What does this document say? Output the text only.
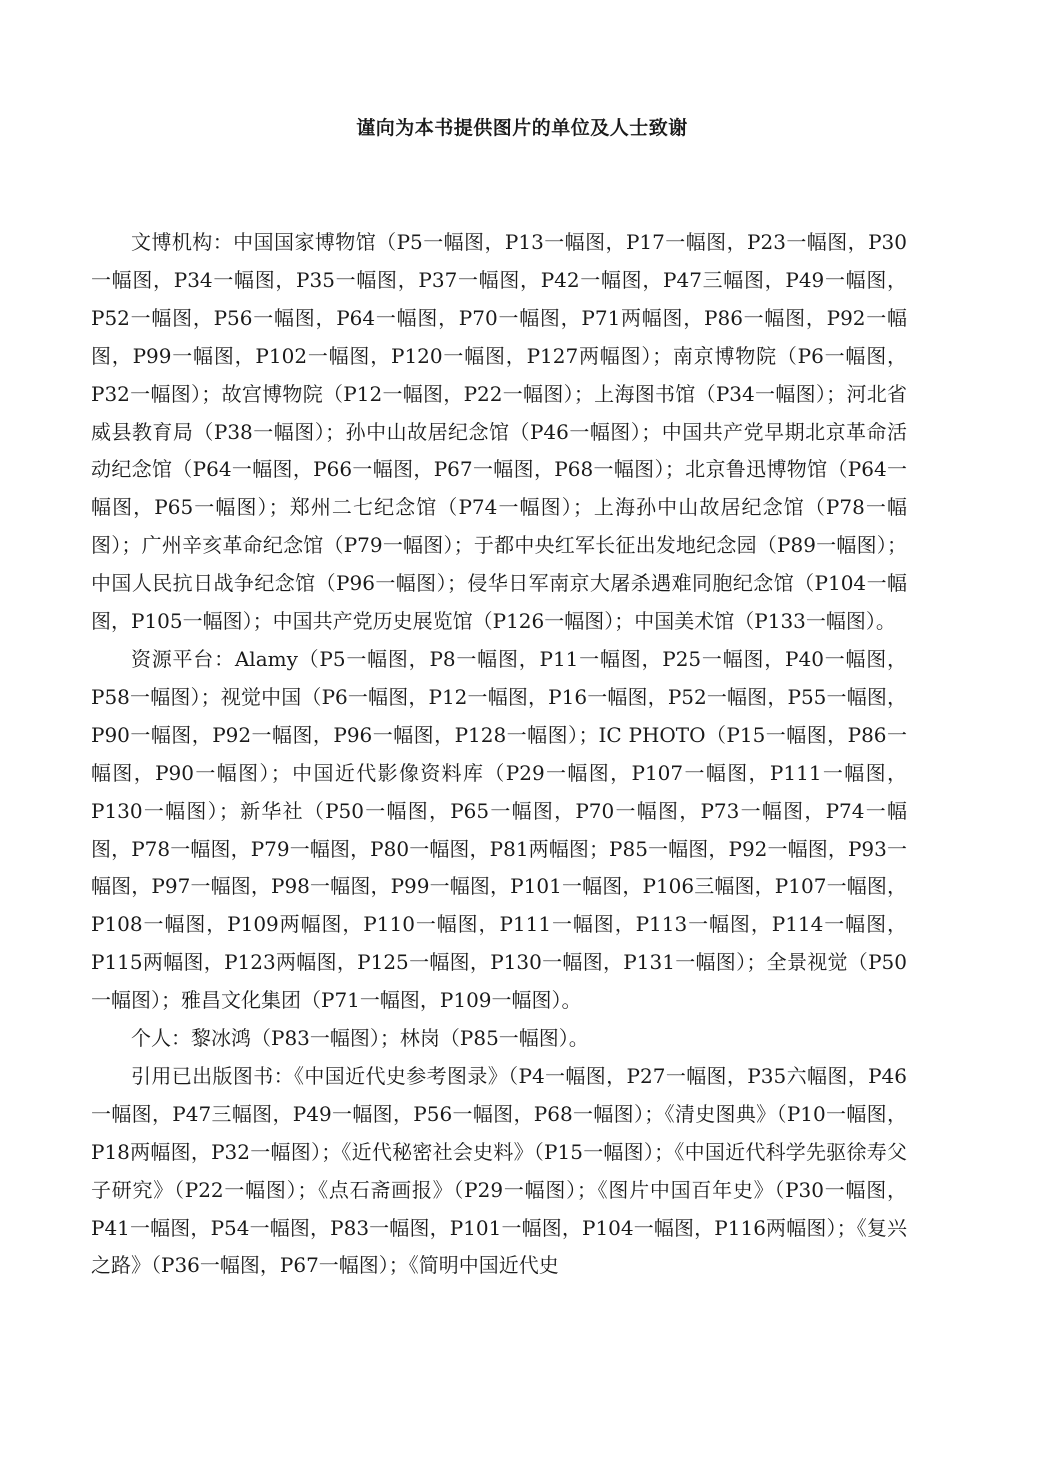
谨向为本书提供图片的单位及人士致谢

文博机构：中国国家博物馆（P5一幅图，P13一幅图，P17一幅图，P23一幅图，P30一幅图，P34一幅图，P35一幅图，P37一幅图，P42一幅图，P47三幅图，P49一幅图，P52一幅图，P56一幅图，P64一幅图，P70一幅图，P71两幅图，P86一幅图，P92一幅图，P99一幅图，P102一幅图，P120一幅图，P127两幅图）；南京博物院（P6一幅图，P32一幅图）；故宫博物院（P12一幅图，P22一幅图）；上海图书馆（P34一幅图）；河北省威县教育局（P38一幅图）；孙中山故居纪念馆（P46一幅图）；中国共产党早期北京革命活动纪念馆（P64一幅图，P66一幅图，P67一幅图，P68一幅图）；北京鲁迅博物馆（P64一幅图，P65一幅图）；郑州二七纪念馆（P74一幅图）；上海孙中山故居纪念馆（P78一幅图）；广州辛亥革命纪念馆（P79一幅图）；于都中央红军长征出发地纪念园（P89一幅图）；中国人民抗日战争纪念馆（P96一幅图）；侵华日军南京大屠杀遇难同胞纪念馆（P104一幅图，P105一幅图）；中国共产党历史展览馆（P126一幅图）；中国美术馆（P133一幅图）。

资源平台：Alamy（P5一幅图，P8一幅图，P11一幅图，P25一幅图，P40一幅图，P58一幅图）；视觉中国（P6一幅图，P12一幅图，P16一幅图，P52一幅图，P55一幅图，P90一幅图，P92一幅图，P96一幅图，P128一幅图）；IC PHOTO（P15一幅图，P86一幅图，P90一幅图）；中国近代影像资料库（P29一幅图，P107一幅图，P111一幅图，P130一幅图）；新华社（P50一幅图，P65一幅图，P70一幅图，P73一幅图，P74一幅图，P78一幅图，P79一幅图，P80一幅图，P81两幅图；P85一幅图，P92一幅图，P93一幅图，P97一幅图，P98一幅图，P99一幅图，P101一幅图，P106三幅图，P107一幅图，P108一幅图，P109两幅图，P110一幅图，P111一幅图，P113一幅图，P114一幅图，P115两幅图，P123两幅图，P125一幅图，P130一幅图，P131一幅图）；全景视觉（P50一幅图）；雅昌文化集团（P71一幅图，P109一幅图）。

个人：黎冰鸿（P83一幅图）；林岗（P85一幅图）。

引用已出版图书：《中国近代史参考图录》（P4一幅图，P27一幅图，P35六幅图，P46一幅图，P47三幅图，P49一幅图，P56一幅图，P68一幅图）；《清史图典》（P10一幅图，P18两幅图，P32一幅图）；《近代秘密社会史料》（P15一幅图）；《中国近代科学先驱徐寿父子研究》（P22一幅图）；《点石斋画报》（P29一幅图）；《图片中国百年史》（P30一幅图，P41一幅图，P54一幅图，P83一幅图，P101一幅图，P104一幅图，P116两幅图）；《复兴之路》（P36一幅图，P67一幅图）；《简明中国近代史
